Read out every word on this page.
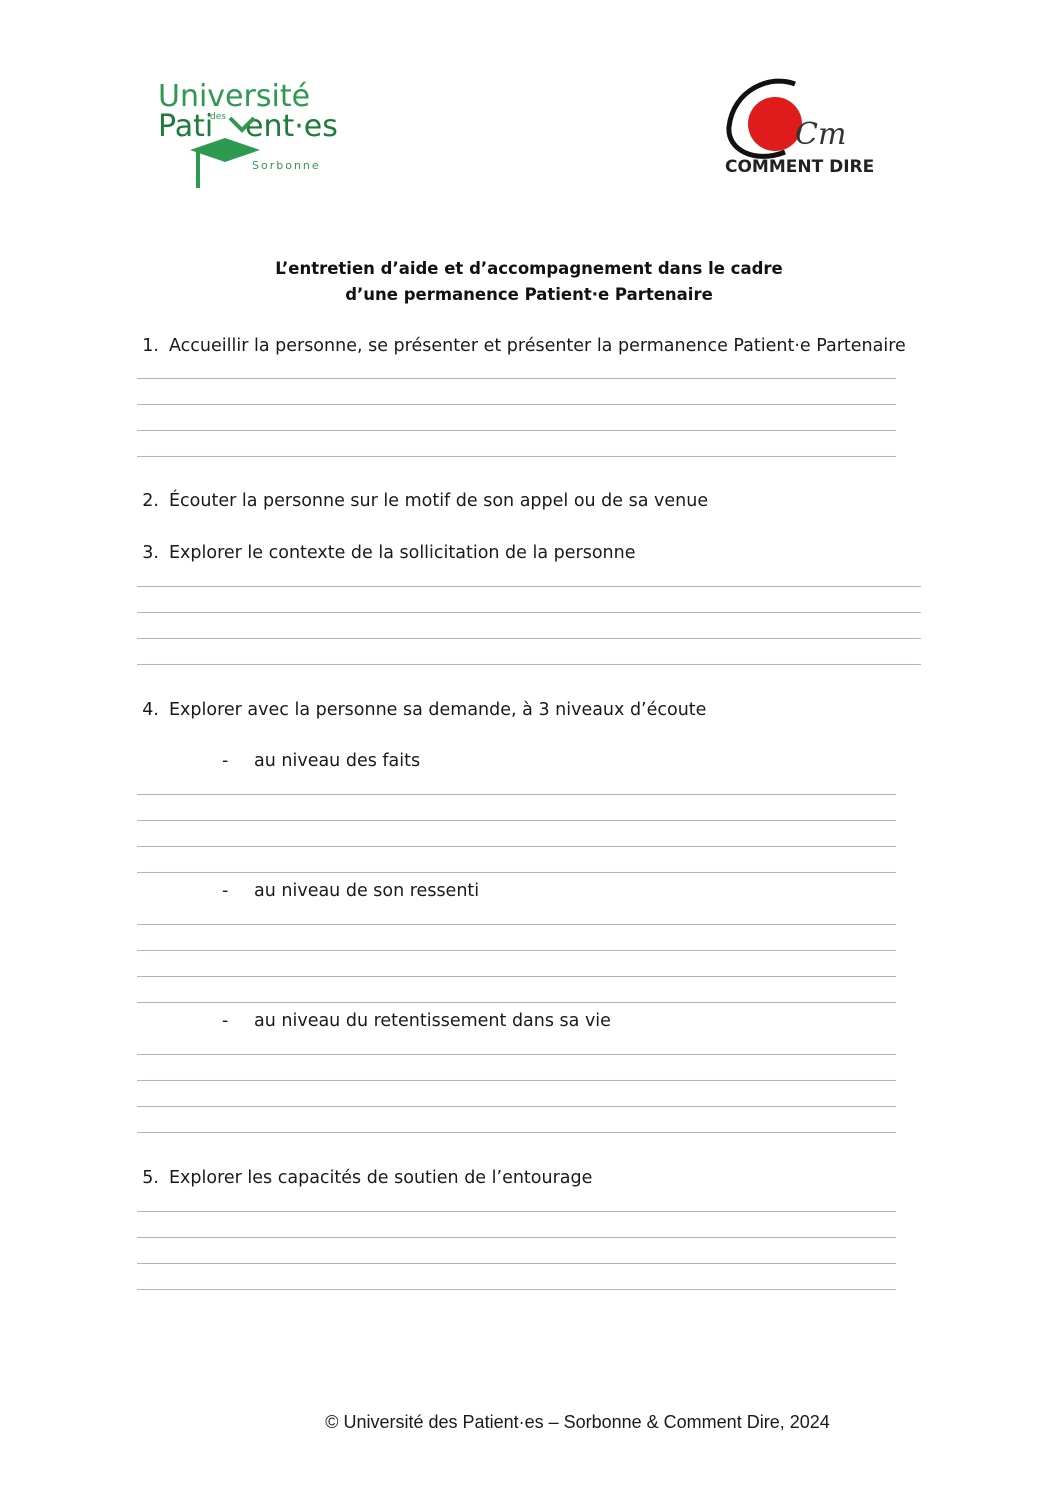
Université
Pati ent·es
des
Sorbonne
Cm
COMMENT DIRE
L’entretien d’aide et d’accompagnement dans le cadre
d’une permanence Patient·e Partenaire
1. Accueillir la personne, se présenter et présenter la permanence Patient·e Partenaire
2. Écouter la personne sur le motif de son appel ou de sa venue
3. Explorer le contexte de la sollicitation de la personne
4. Explorer avec la personne sa demande, à 3 niveaux d’écoute
- au niveau des faits
- au niveau de son ressenti
- au niveau du retentissement dans sa vie
5. Explorer les capacités de soutien de l’entourage
© Université des Patient·es – Sorbonne & Comment Dire, 2024
